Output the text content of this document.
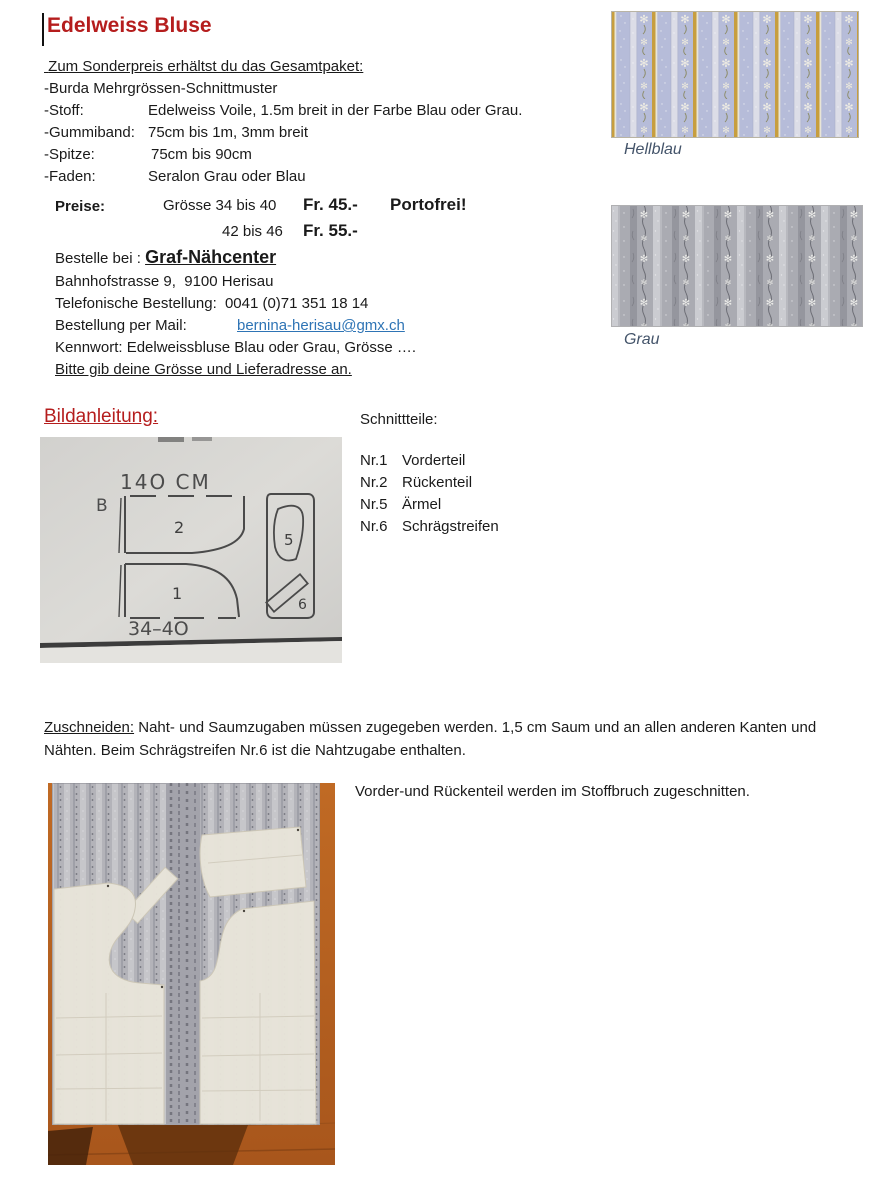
Edelweiss Bluse
Zum Sonderpreis erhältst du das Gesamtpaket:
-Burda Mehrgrössen-Schnittmuster
-Stoff:	Edelweiss Voile, 1.5m breit in der Farbe Blau oder Grau.
-Gummiband: 75cm bis 1m, 3mm breit
-Spitze:	75cm bis 90cm
-Faden:	Seralon Grau oder Blau
Preise:	Grösse 34 bis 40 Fr. 45.- Portofrei!
42 bis 46 Fr. 55.-
Bestelle bei : Graf-Nähcenter
Bahnhofstrasse 9,  9100 Herisau
Telefonische Bestellung: 0041 (0)71 351 18 14
Bestellung per Mail:	bernina-herisau@gmx.ch
Kennwort: Edelweissbluse Blau oder Grau, Grösse ….
Bitte gib deine Grösse und Lieferadresse an.
Hellblau
Grau
Bildanleitung:
14O CM
B
2
1
5
6
34–4O
Schnittteile:
Nr.1 Vorderteil
Nr.2 Rückenteil
Nr.5 Ärmel
Nr.6 Schrägstreifen
Zuschneiden: Naht- und Saumzugaben müssen zugegeben werden. 1,5 cm Saum und an allen anderen Kanten und Nähten. Beim Schrägstreifen Nr.6 ist die Nahtzugabe enthalten.
Vorder-und Rückenteil werden im Stoffbruch zugeschnitten.
